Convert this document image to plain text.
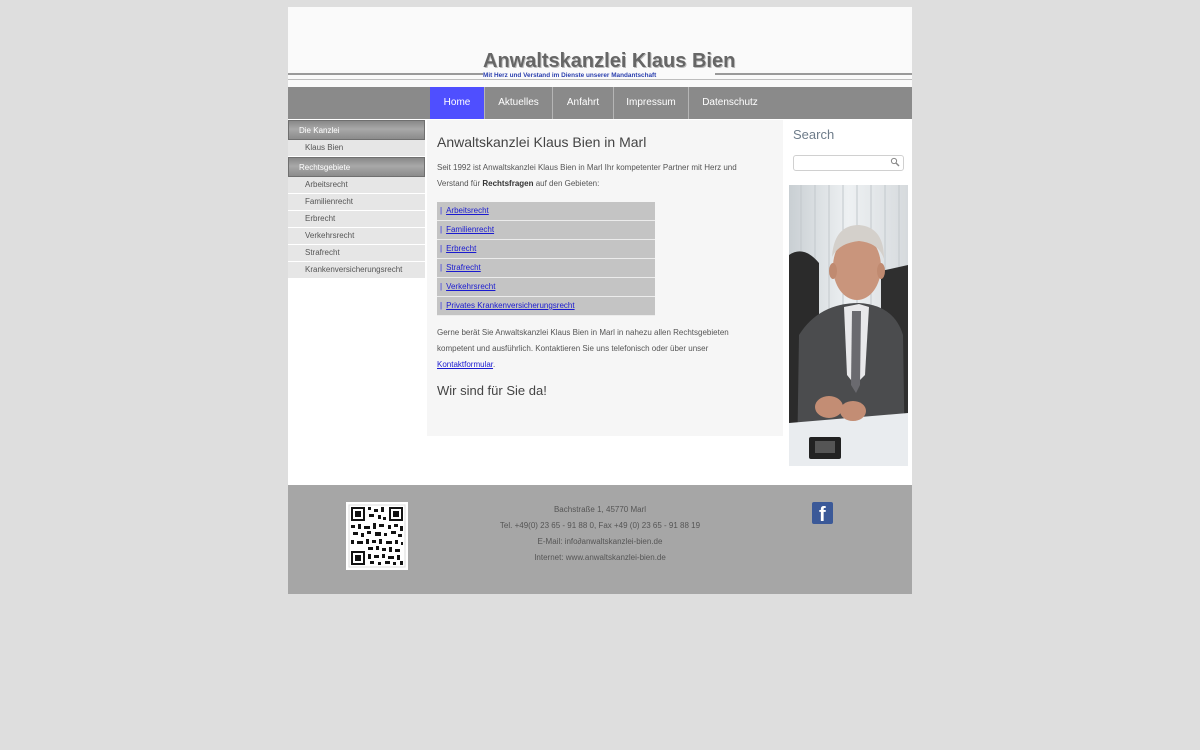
Anwaltskanzlei Klaus Bien
Mit Herz und Verstand im Dienste unserer Mandantschaft
Home	Aktuelles	Anfahrt	Impressum	Datenschutz
Die Kanzlei
Klaus Bien
Rechtsgebiete
Arbeitsrecht
Familienrecht
Erbrecht
Verkehrsrecht
Strafrecht
Krankenversicherungsrecht
Anwaltskanzlei Klaus Bien in Marl
Seit 1992 ist Anwaltskanzlei Klaus Bien in Marl Ihr kompetenter Partner mit Herz und Verstand für Rechtsfragen auf den Gebieten:
| Arbeitsrecht
| Familienrecht
| Erbrecht
| Strafrecht
| Verkehrsrecht
| Privates Krankenversicherungsrecht
Gerne berät Sie Anwaltskanzlei Klaus Bien in Marl in nahezu allen Rechtsgebieten kompetent und ausführlich. Kontaktieren Sie uns telefonisch oder über unser Kontaktformular.
Wir sind für Sie da!
Search
Bachstraße 1, 45770 Marl
Tel. +49(0) 23 65 - 91 88 0, Fax +49 (0) 23 65 - 91 88 19
E-Mail: info∂anwaltskanzlei-bien.de
Internet: www.anwaltskanzlei-bien.de
f
